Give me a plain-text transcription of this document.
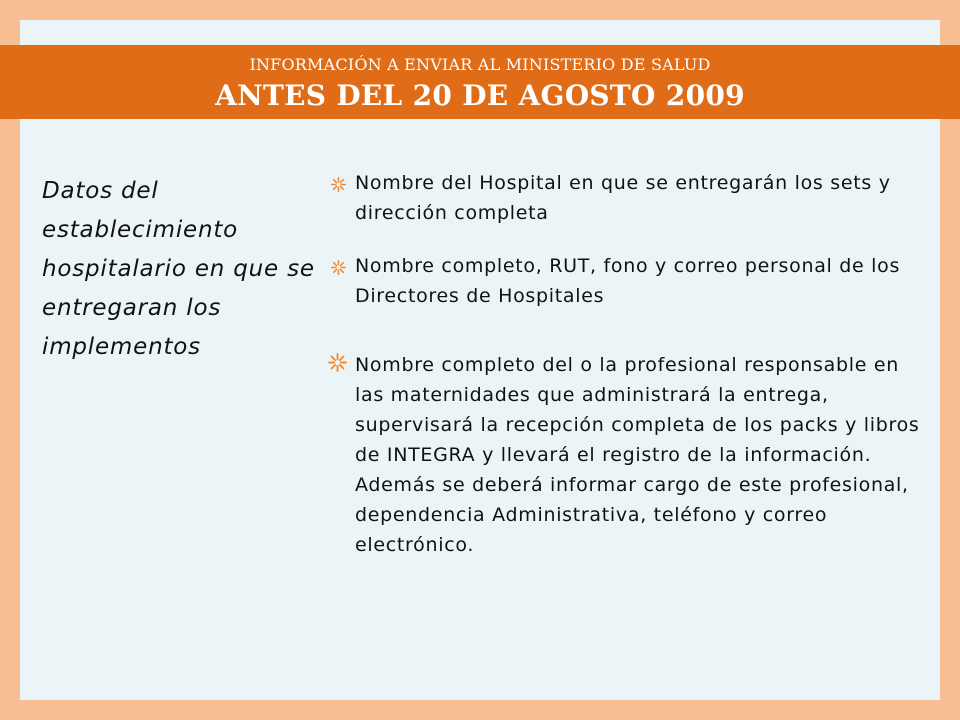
INFORMACIÓN A ENVIAR AL MINISTERIO DE SALUD
ANTES DEL 20 DE AGOSTO 2009
Datos del establecimiento hospitalario en que se entregaran los implementos
Nombre del Hospital en que se entregarán los sets y dirección completa
Nombre completo, RUT, fono y correo personal de los Directores de Hospitales
Nombre completo del o la profesional responsable en las maternidades que administrará la entrega, supervisará la recepción completa de los packs y libros de INTEGRA y llevará el registro de la información. Además se deberá informar cargo de este profesional, dependencia Administrativa, teléfono y correo electrónico.
